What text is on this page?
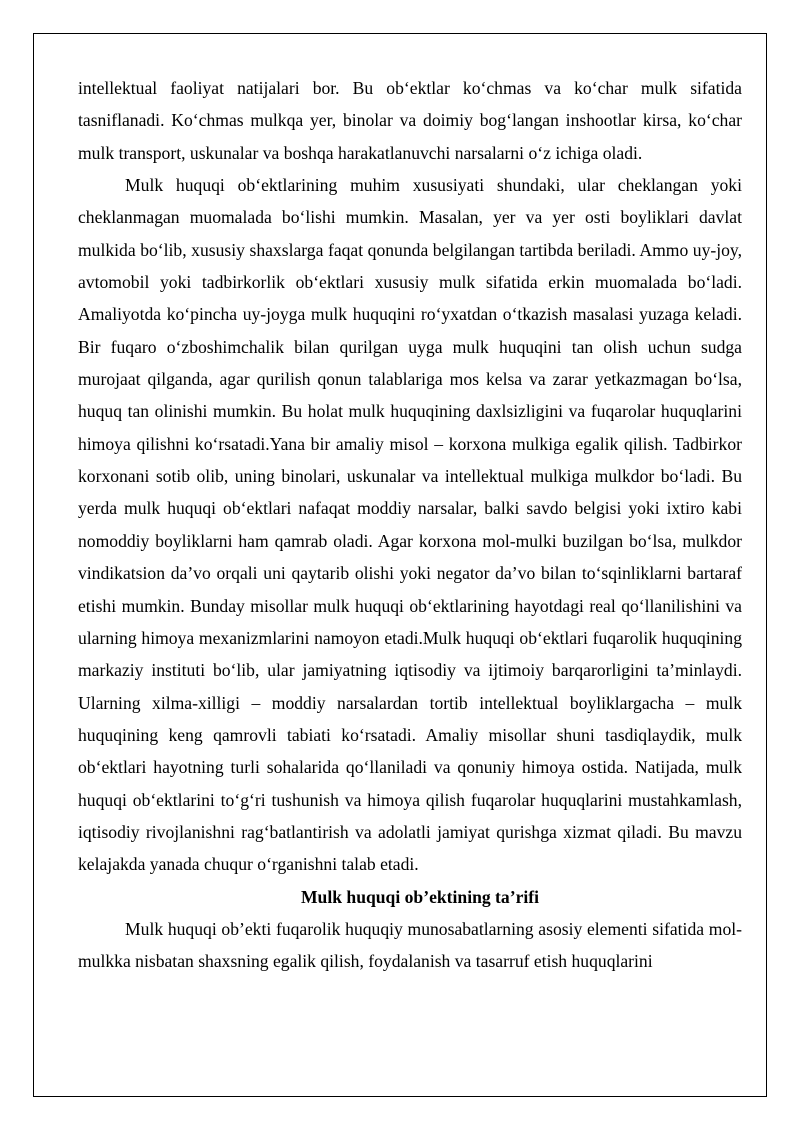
intellektual faoliyat natijalari bor. Bu ob‘ektlar ko‘chmas va ko‘char mulk sifatida tasniflanadi. Ko‘chmas mulkqa yer, binolar va doimiy bog‘langan inshootlar kirsa, ko‘char mulk transport, uskunalar va boshqa harakatlanuvchi narsalarni o‘z ichiga oladi.

Mulk huquqi ob‘ektlarining muhim xususiyati shundaki, ular cheklangan yoki cheklanmagan muomalada bo‘lishi mumkin. Masalan, yer va yer osti boyliklari davlat mulkida bo‘lib, xususiy shaxslarga faqat qonunda belgilangan tartibda beriladi. Ammo uy-joy, avtomobil yoki tadbirkorlik ob‘ektlari xususiy mulk sifatida erkin muomalada bo‘ladi. Amaliyotda ko‘pincha uy-joyga mulk huquqini ro‘yxatdan o‘tkazish masalasi yuzaga keladi. Bir fuqaro o‘zboshimchalik bilan qurilgan uyga mulk huquqini tan olish uchun sudga murojaat qilganda, agar qurilish qonun talablariga mos kelsa va zarar yetkazmagan bo‘lsa, huquq tan olinishi mumkin. Bu holat mulk huquqining daxlsizligini va fuqarolar huquqlarini himoya qilishni ko‘rsatadi.Yana bir amaliy misol – korxona mulkiga egalik qilish. Tadbirkor korxonani sotib olib, uning binolari, uskunalar va intellektual mulkiga mulkdor bo‘ladi. Bu yerda mulk huquqi ob‘ektlari nafaqat moddiy narsalar, balki savdo belgisi yoki ixtiro kabi nomoddiy boyliklarni ham qamrab oladi. Agar korxona mol-mulki buzilgan bo‘lsa, mulkdor vindikatsion da’vo orqali uni qaytarib olishi yoki negator da’vo bilan to‘sqinliklarni bartaraf etishi mumkin. Bunday misollar mulk huquqi ob‘ektlarining hayotdagi real qo‘llanilishini va ularning himoya mexanizmlarini namoyon etadi.Mulk huquqi ob‘ektlari fuqarolik huquqining markaziy instituti bo‘lib, ular jamiyatning iqtisodiy va ijtimoiy barqarorligini ta’minlaydi. Ularning xilma-xilligi – moddiy narsalardan tortib intellektual boyliklargacha – mulk huquqining keng qamrovli tabiati ko‘rsatadi. Amaliy misollar shuni tasdiqlaydik, mulk ob‘ektlari hayotning turli sohalarida qo‘llaniladi va qonuniy himoya ostida. Natijada, mulk huquqi ob‘ektlarini to‘g‘ri tushunish va himoya qilish fuqarolar huquqlarini mustahkamlash, iqtisodiy rivojlanishni rag‘batlantirish va adolatli jamiyat qurishga xizmat qiladi. Bu mavzu kelajakda yanada chuqur o‘rganishni talab etadi.

Mulk huquqi ob’ektining ta’rifi

Mulk huquqi ob’ekti fuqarolik huquqiy munosabatlarning asosiy elementi sifatida mol-mulkka nisbatan shaxsning egalik qilish, foydalanish va tasarruf etish huquqlarini
